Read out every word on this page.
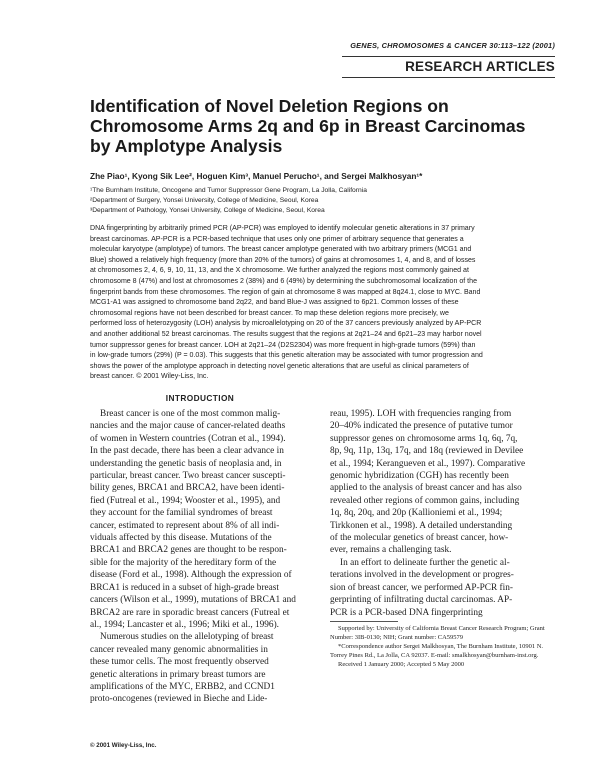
GENES, CHROMOSOMES & CANCER 30:113–122 (2001)
RESEARCH ARTICLES
Identification of Novel Deletion Regions on Chromosome Arms 2q and 6p in Breast Carcinomas by Amplotype Analysis
Zhe Piao¹, Kyong Sik Lee², Hoguen Kim³, Manuel Perucho¹, and Sergei Malkhosyan¹*
¹The Burnham Institute, Oncogene and Tumor Suppressor Gene Program, La Jolla, California
²Department of Surgery, Yonsei University, College of Medicine, Seoul, Korea
³Department of Pathology, Yonsei University, College of Medicine, Seoul, Korea
DNA fingerprinting by arbitrarily primed PCR (AP-PCR) was employed to identify molecular genetic alterations in 37 primary
breast carcinomas. AP-PCR is a PCR-based technique that uses only one primer of arbitrary sequence that generates a
molecular karyotype (amplotype) of tumors. The breast cancer amplotype generated with two arbitrary primers (MCG1 and
Blue) showed a relatively high frequency (more than 20% of the tumors) of gains at chromosomes 1, 4, and 8, and of losses
at chromosomes 2, 4, 6, 9, 10, 11, 13, and the X chromosome. We further analyzed the regions most commonly gained at
chromosome 8 (47%) and lost at chromosomes 2 (38%) and 6 (49%) by determining the subchromosomal localization of the
fingerprint bands from these chromosomes. The region of gain at chromosome 8 was mapped at 8q24.1, close to MYC. Band
MCG1-A1 was assigned to chromosome band 2q22, and band Blue-J was assigned to 6p21. Common losses of these
chromosomal regions have not been described for breast cancer. To map these deletion regions more precisely, we
performed loss of heterozygosity (LOH) analysis by microallelotyping on 20 of the 37 cancers previously analyzed by AP-PCR
and another additional 52 breast carcinomas. The results suggest that the regions at 2q21–24 and 6p21–23 may harbor novel
tumor suppressor genes for breast cancer. LOH at 2q21–24 (D2S2304) was more frequent in high-grade tumors (59%) than
in low-grade tumors (29%) (P = 0.03). This suggests that this genetic alteration may be associated with tumor progression and
shows the power of the amplotype approach in detecting novel genetic alterations that are useful as clinical parameters of
breast cancer. © 2001 Wiley-Liss, Inc.
INTRODUCTION
Breast cancer is one of the most common malig-
nancies and the major cause of cancer-related deaths
of women in Western countries (Cotran et al., 1994).
In the past decade, there has been a clear advance in
understanding the genetic basis of neoplasia and, in
particular, breast cancer. Two breast cancer suscepti-
bility genes, BRCA1 and BRCA2, have been identi-
fied (Futreal et al., 1994; Wooster et al., 1995), and
they account for the familial syndromes of breast
cancer, estimated to represent about 8% of all indi-
viduals affected by this disease. Mutations of the
BRCA1 and BRCA2 genes are thought to be respon-
sible for the majority of the hereditary form of the
disease (Ford et al., 1998). Although the expression of
BRCA1 is reduced in a subset of high-grade breast
cancers (Wilson et al., 1999), mutations of BRCA1 and
BRCA2 are rare in sporadic breast cancers (Futreal et
al., 1994; Lancaster et al., 1996; Miki et al., 1996).
Numerous studies on the allelotyping of breast
cancer revealed many genomic abnormalities in
these tumor cells. The most frequently observed
genetic alterations in primary breast tumors are
amplifications of the MYC, ERBB2, and CCND1
proto-oncogenes (reviewed in Bieche and Lide-
reau, 1995). LOH with frequencies ranging from
20–40% indicated the presence of putative tumor
suppressor genes on chromosome arms 1q, 6q, 7q,
8p, 9q, 11p, 13q, 17q, and 18q (reviewed in Devilee
et al., 1994; Kerangueven et al., 1997). Comparative
genomic hybridization (CGH) has recently been
applied to the analysis of breast cancer and has also
revealed other regions of common gains, including
1q, 8q, 20q, and 20p (Kallioniemi et al., 1994;
Tirkkonen et al., 1998). A detailed understanding
of the molecular genetics of breast cancer, how-
ever, remains a challenging task.
In an effort to delineate further the genetic al-
terations involved in the development or progres-
sion of breast cancer, we performed AP-PCR fin-
gerprinting of infiltrating ductal carcinomas. AP-
PCR is a PCR-based DNA fingerprinting
Supported by: University of California Breast Cancer Research Program; Grant Number: 3IB-0130; NIH; Grant number: CA59579
*Correspondence author Sergei Malkhosyan, The Burnham Institute, 10901 N. Torrey Pines Rd., La Jolla, CA 92037. E-mail: smalkhosyan@burnham-inst.org.
Received 1 January 2000; Accepted 5 May 2000
© 2001 Wiley-Liss, Inc.
